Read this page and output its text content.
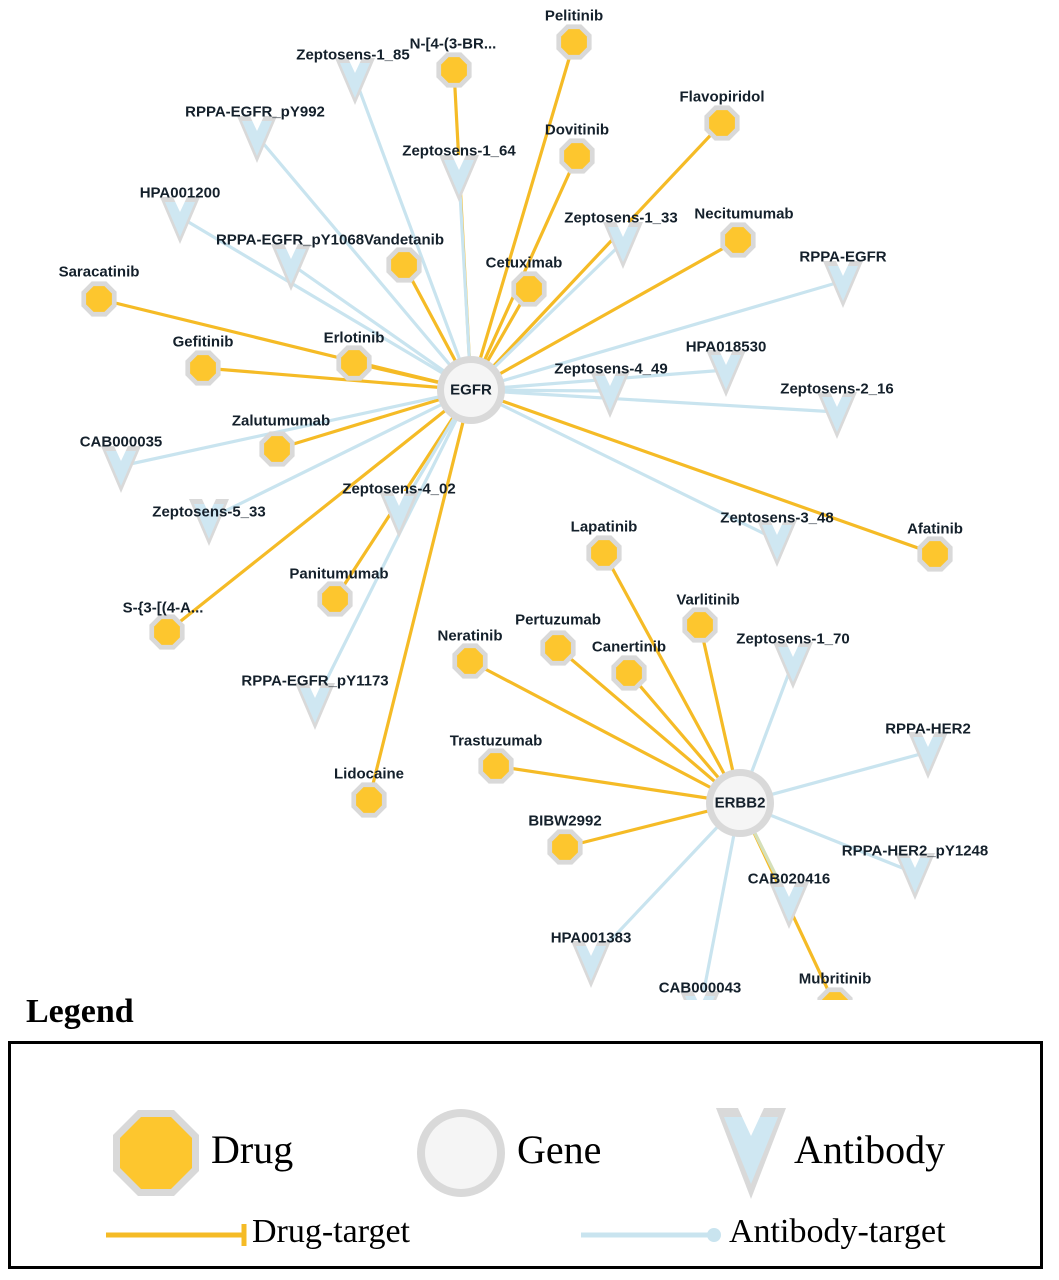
Pelitinib
N-[4-(3-BR...
Flavopiridol
Dovitinib
Necitumumab
Vandetanib
Cetuximab
Saracatinib
Gefitinib	Erlotinib
Zalutumumab
Afatinib
Lapatinib
Varlitinib
Panitumumab
S-{3-[(4-A...
Pertuzumab
Neratinib
Canertinib
Trastuzumab
Lidocaine
BIBW2992
Mubritinib
Zeptosens-1_85
RPPA-EGFR_pY992
Zeptosens-1_64
HPA001200
Zeptosens-1_33
RPPA-EGFR_pY1068
RPPA-EGFR
HPA018530
Zeptosens-4_49
Zeptosens-2_16
CAB000035
Zeptosens-5_33
Zeptosens-4_02
Zeptosens-3_48
Zeptosens-1_70
RPPA-EGFR_pY1173
RPPA-HER2
RPPA-HER2_pY1248
CAB020416
HPA001383
CAB000043
EGFR
ERBB2
Legend
Drug	Gene	Antibody
Drug-target	Antibody-target
